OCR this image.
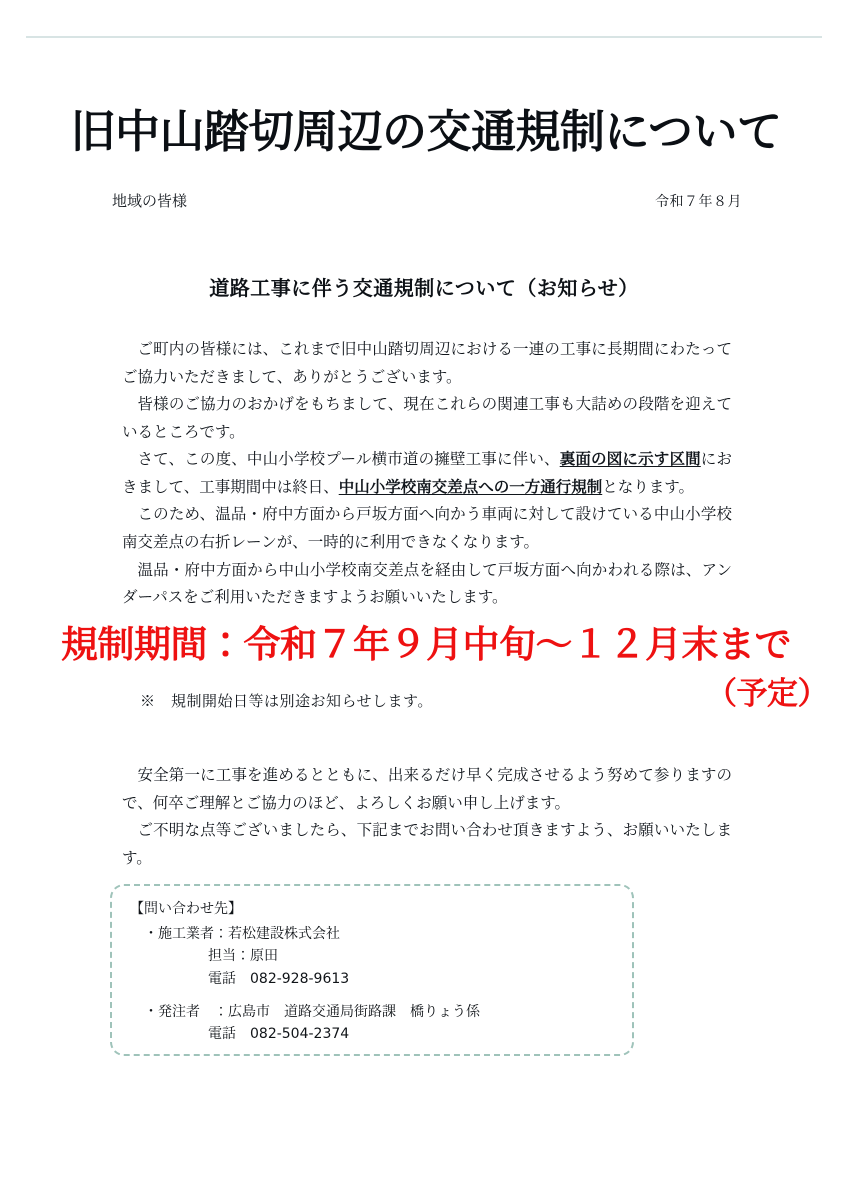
旧中山踏切周辺の交通規制について
地域の皆様	令和７年８月
道路工事に伴う交通規制について（お知らせ）

ご町内の皆様には、これまで旧中山踏切周辺における一連の工事に長期間にわたってご協力いただきまして、ありがとうございます。

皆様のご協力のおかげをもちまして、現在これらの関連工事も大詰めの段階を迎えているところです。

さて、この度、中山小学校プール横市道の擁壁工事に伴い、裏面の図に示す区間におきまして、工事期間中は終日、中山小学校南交差点への一方通行規制となります。

このため、温品・府中方面から戸坂方面へ向かう車両に対して設けている中山小学校南交差点の右折レーンが、一時的に利用できなくなります。

温品・府中方面から中山小学校南交差点を経由して戸坂方面へ向かわれる際は、アンダーパスをご利用いただきますようお願いいたします。

規制期間：令和７年９月中旬～１２月末まで
（予定）
※　規制開始日等は別途お知らせします。

安全第一に工事を進めるとともに、出来るだけ早く完成させるよう努めて参りますので、何卒ご理解とご協力のほど、よろしくお願い申し上げます。

ご不明な点等ございましたら、下記までお問い合わせ頂きますよう、お願いいたします。

【問い合わせ先】
・施工業者：若松建設株式会社
担当：原田
電話　 082-928-9613
・発注者　：広島市　道路交通局街路課　橋りょう係
電話　 082-504-2374
